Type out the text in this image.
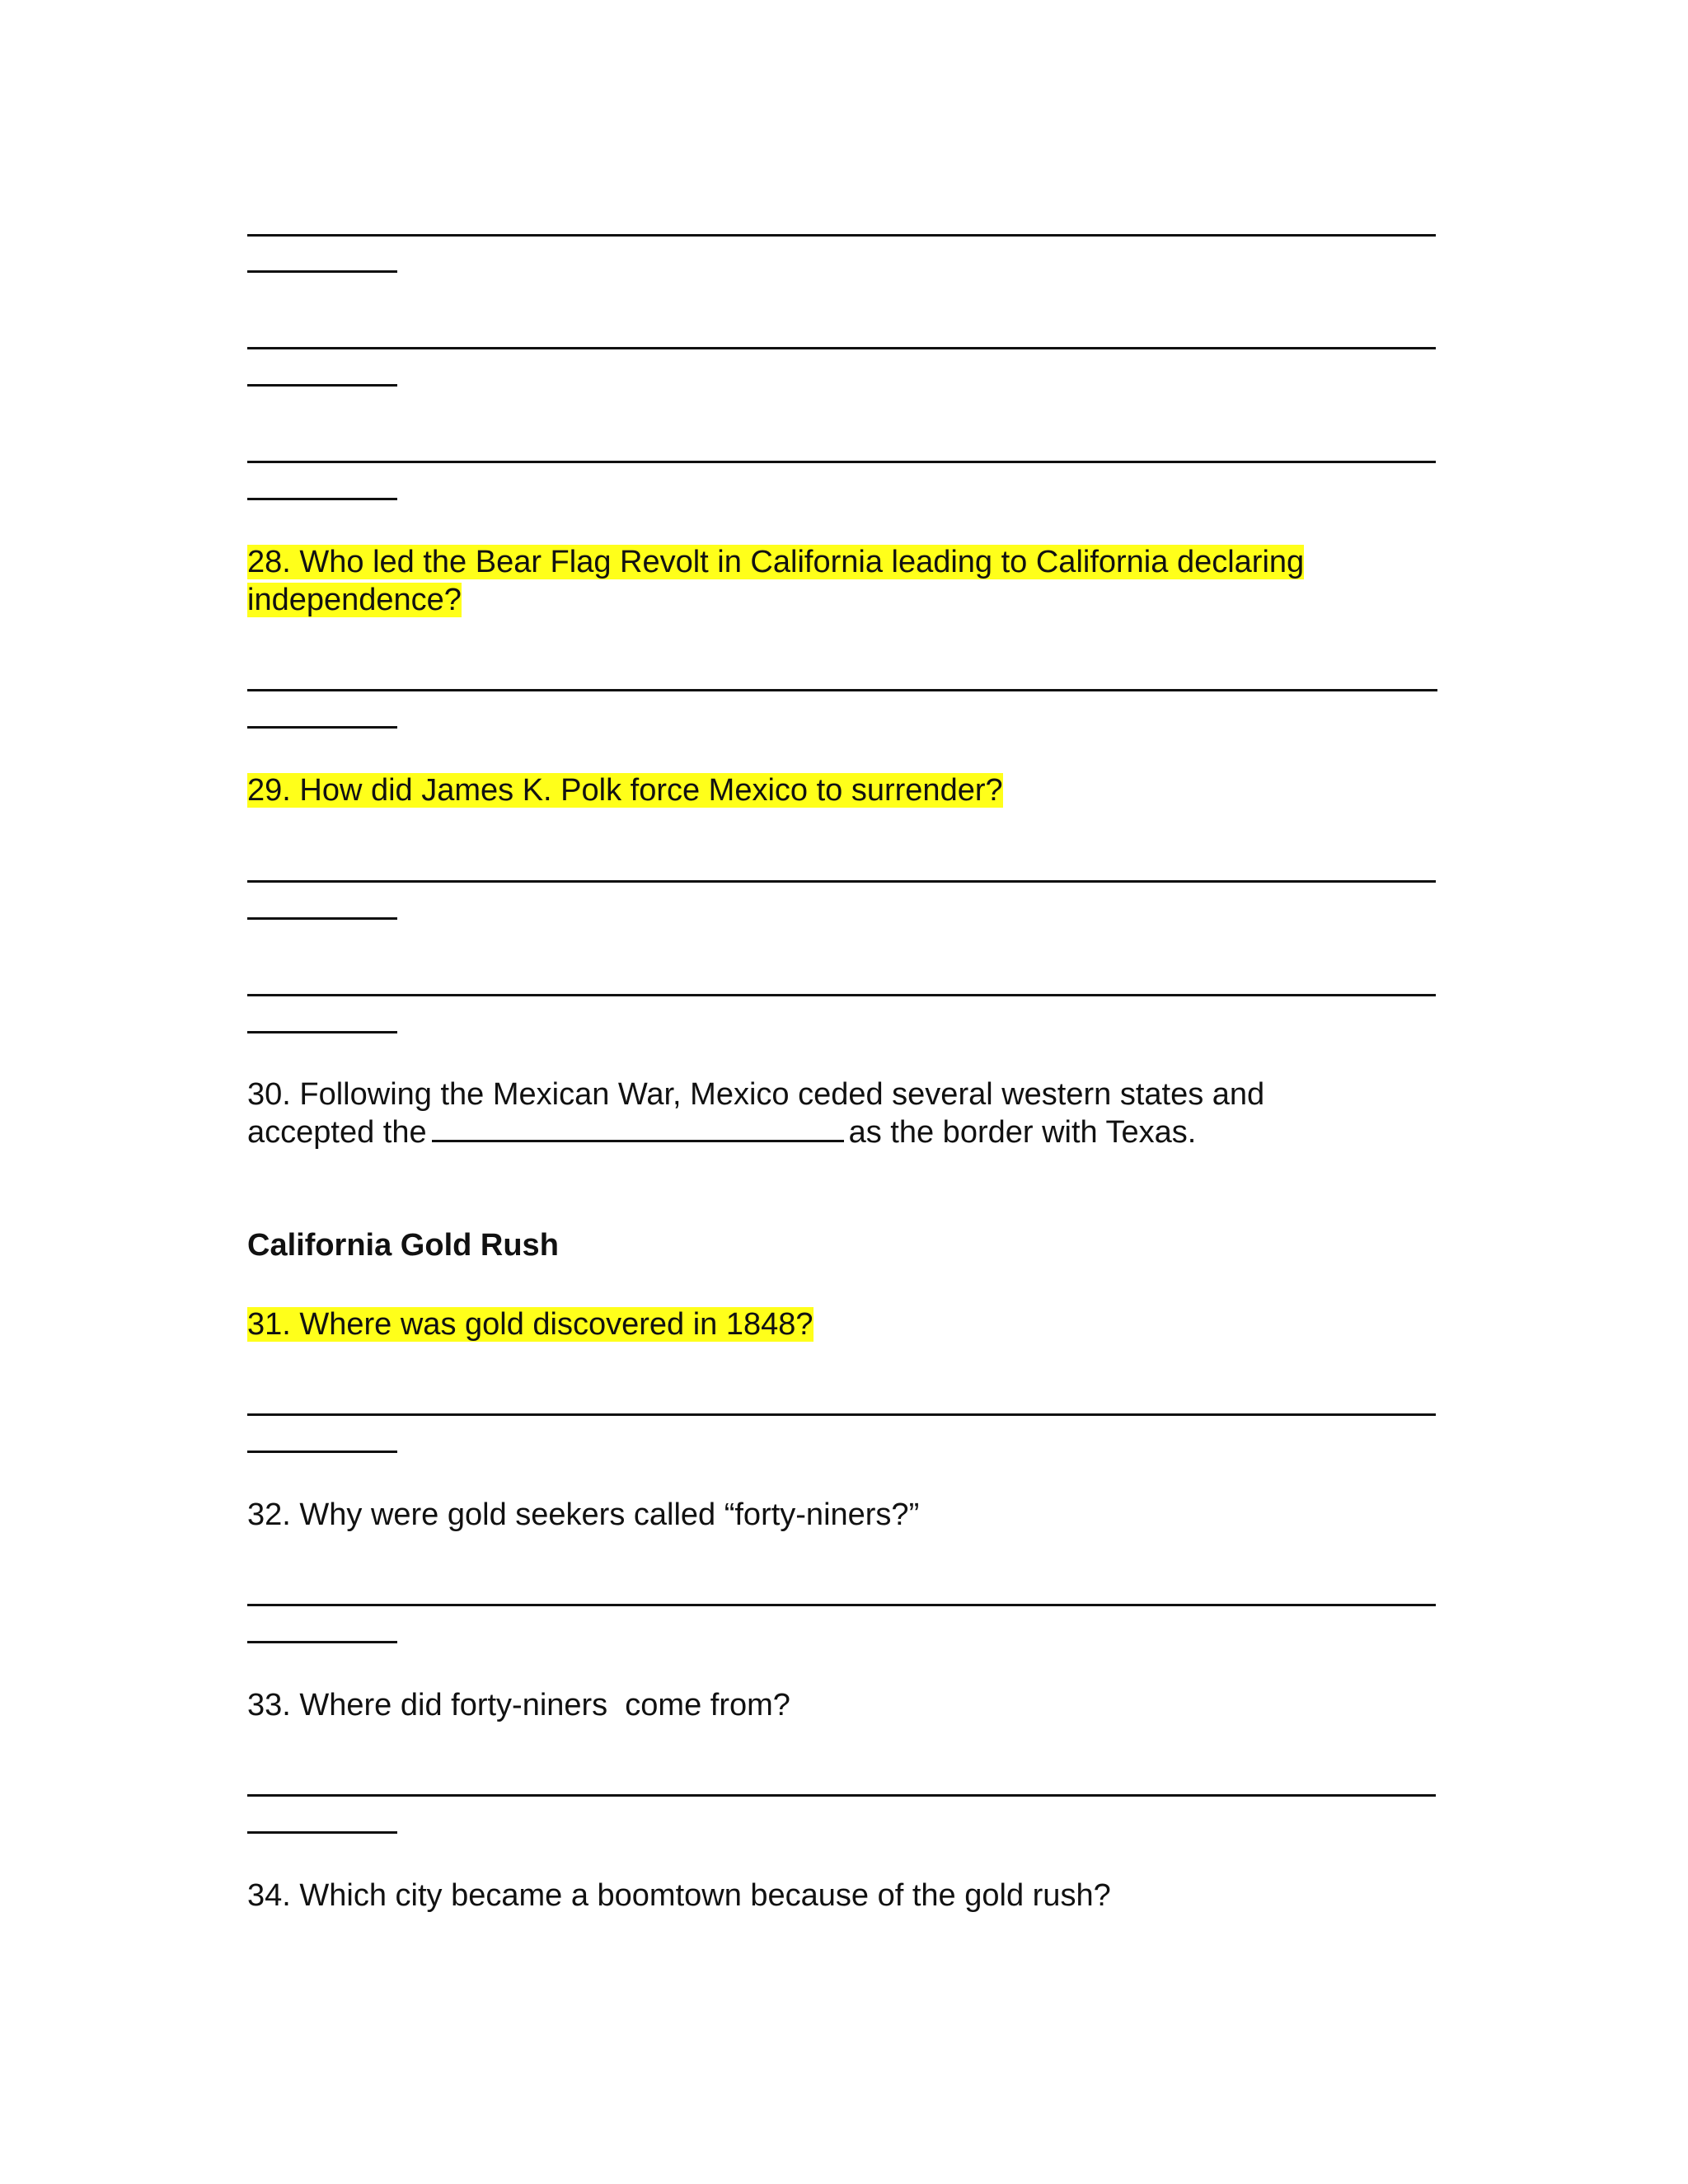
28. Who led the Bear Flag Revolt in California leading to California declaring
independence?
29. How did James K. Polk force Mexico to surrender?
30. Following the Mexican War, Mexico ceded several western states and
accepted the	as the border with Texas.
California Gold Rush
31. Where was gold discovered in 1848?
32. Why were gold seekers called “forty-niners?”
33. Where did forty-niners  come from?
34. Which city became a boomtown because of the gold rush?
